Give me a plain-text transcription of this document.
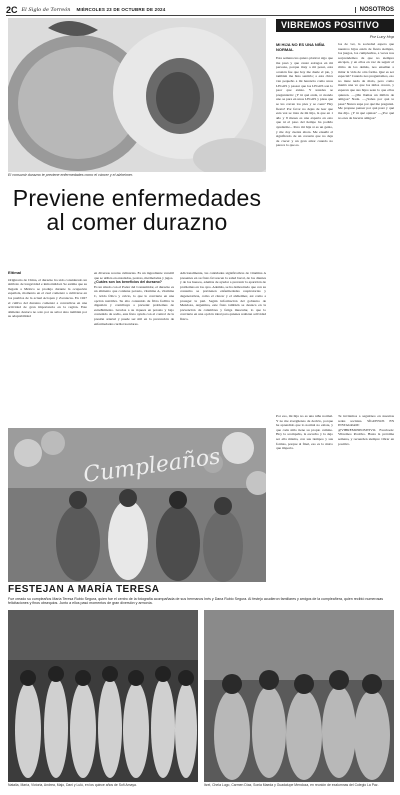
2C El Siglo de Torreón MIÉRCOLES 23 DE OCTUBRE DE 2024	NOSOTROS
El consumir durazno te previene enfermedades como el cáncer y el alzheimer.
Previene enfermedades al comer durazno
Eltimal
Originario de China, el durazno ha sido considerado un símbolo de longevidad e inmortalidad. Se estima que su llegada a México se produjo durante la ocupación española, momento en el cual comenzó a cultivarse en los pueblos de la actual Actopan y Zacatecas. En 1927 el cultivo del durazno comenzó a convertirse en una actividad de gran importancia en la región. Este alimento destaca no solo por su sabor sino también por su adaptabilidad
en diversas recetas culinarias. Es un ingrediente versátil que se utiliza en ensaladas, postres, mermeladas y jugos.
¿Cuáles son los beneficios del durazno?
Es un aliado con el Poder del Consumidor, el durazno es un alimento que contiene potasio, vitamina A, vitamina C, ácido fólico y calcio, lo que lo convierte en una opción nutritiva. Su alto contenido de fibra facilita la digestión y contribuye a prevenir problemas de estreñimiento. Gracias a su riqueza en potasio y bajo contenido de sodio, este fruto ayuda con el control de la presión arterial y puede ser útil en la prevención de enfermedades cardiovasculares.
Adicionalmente, las cantidades significativas de vitamina A presentes en su fruto favorecen la salud bucal, de los dientes y de los huesos, además de ayudar a prevenir la aparición de problemas en los ojos. Además, se ha demostrado que con su consumo se previenen enfermedades respiratorias y degenerativas, como el cáncer y el alzheimer, así como a proteger la piel. Según información del gobierno de Mendoza, Argentina, este fruto también se destaca en la prevención de calambres y fatiga muscular, lo que lo convierte en una opción ideal para quienes realizan actividad física.
Cumpleaños
VIBREMOS POSITIVO
Por Lucy Hop
MI HIJA NO ES UNA NIÑA NORMAL
Esta semana les quiero platicar algo que me pasó y que causó estragos en mi persona, porque muy a mi pesar, esta ocasión fue que hoy me duele el pie, y también me hizo sentirlo; a esta chica van pequeño a mi herencia como unos LEGOS y pasaar que los LEGOS son lo peor que existe. Y ustedes se preguntarán: ¿Y tú qué onda, si cuando uno se para en unos LEGOS y pisas que se les corren los pies y se caen? Hay fiesta? Por favor no dejes de leer que esta vez se trata de mi hija, la que en 1 año y 8 meses es una experta en esto que ni el paso del tiempo ha podido ayudarme... Pero mi hija sí es un genio, y me doy cuenta ahora. Me enseñó el significado de un corazón que no deja de crecer y un gran amor cuando no parece lo que es.
los de ver, la sociedad espera que nuestros hijos estén de fiesta siempre, los juegos, los cumpleaños, a veces nos sorprendemos de que no siempre encajen, y en ellos en vez de seguir el ritmo de los demás, nos enseñan a mirar la vida de otra forma. Qué es ser especial? Cuando nos preguntamos, eso no tiene nada de malo, pero como mamá una ve que los niños crecen, y esperan que sus hijos sean lo que ellos quieren. —¿Me llamas un millón de amigos? Nada. —¿Sabes por qué te pasa? Nunca supe por qué me pregunté. Me propuse pensar por qué pasó y qué me dijo. ¿Y tú qué opinas? —¿Por qué no eres de hacerte amigos?
Por eso, mi hija no es una niña normal. Y no me avergüenzo de decirlo, porque he aprendido que lo normal no existe, y que cada niño tiene su propio camino. Hoy la acompaño, la escucho y la dejo ser ella misma, con sus tiempos y sus formas, porque al final, eso es lo único que importa.
Te invitamos a seguirnos en nuestras redes sociales. SÍGUENOS EN INSTAGRAM: @VIBREMOSPOSITIVO. Facebook: Vibremos Positivo. Hasta la próxima semana, y recuerden siempre vibrar en positivo.
FESTEJAN A MARÍA TERESA
Fue creado su cumpleaños María Teresa Rubio Segura, quien fue el centro de la fotografía acompañada de sus hermanos Inés y Dana Rubio Segura. Al festejo acudieron familiares y amigos de la cumpleañera, quien recibió numerosas felicitaciones y finos obsequios. Junto a ellos pasó momentos de gran diversión y armonía.
Natalia, María, Victoria, Andrea, Majo, Dani y Lulú, en los quince años de Sofi Amaya.	Itzel, Chela Lugo, Carmen Díaz, Sonia Maeda y Guadalupe Mendoza, en reunión de exalumnas del Colegio La Paz.
